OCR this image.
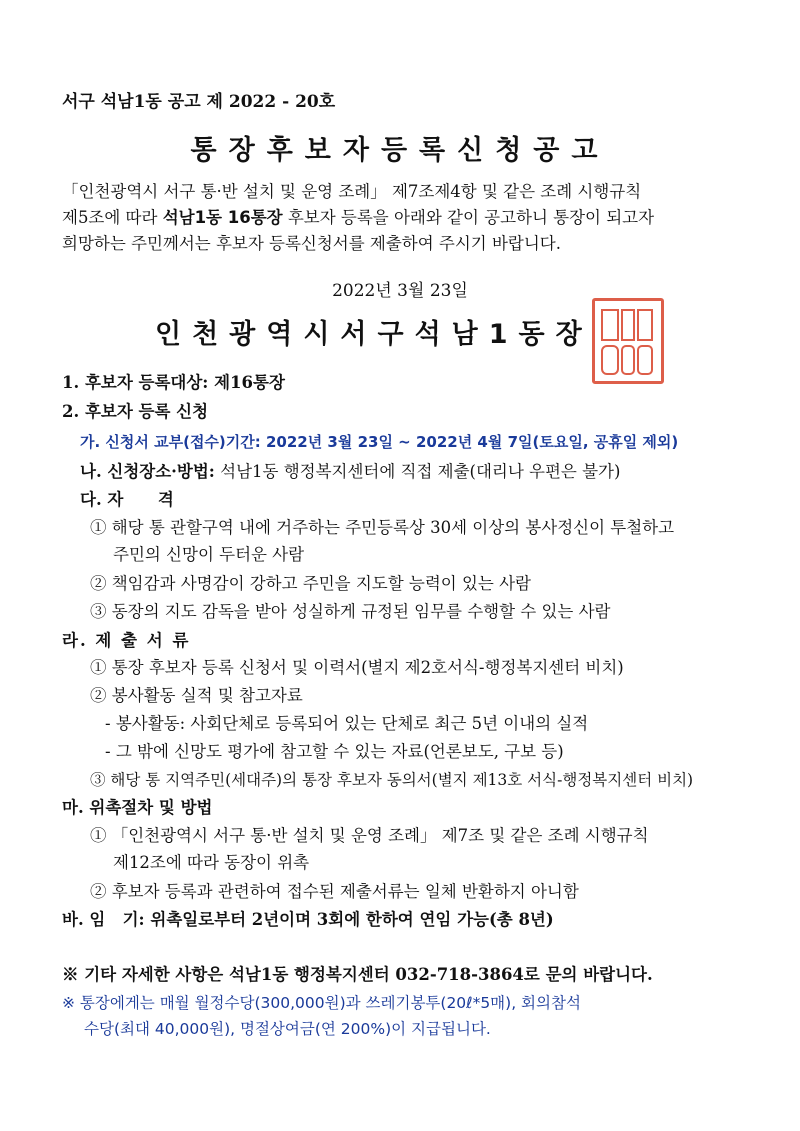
서구 석남1동 공고 제 2022 - 20호
통장후보자등록신청공고
「인천광역시 서구 통·반 설치 및 운영 조례」 제7조제4항 및 같은 조례 시행규칙
제5조에 따라 석남1동 16통장 후보자 등록을 아래와 같이 공고하니 통장이 되고자
희망하는 주민께서는 후보자 등록신청서를 제출하여 주시기 바랍니다.
2022년 3월 23일
인천광역시서구석남1동장
1. 후보자 등록대상: 제16통장
2. 후보자 등록 신청
가. 신청서 교부(접수)기간: 2022년 3월 23일 ~ 2022년 4월 7일(토요일, 공휴일 제외)
나. 신청장소·방법: 석남1동 행정복지센터에 직접 제출(대리나 우편은 불가)
다. 자      격
① 해당 통 관할구역 내에 거주하는 주민등록상 30세 이상의 봉사정신이 투철하고
주민의 신망이 두터운 사람
② 책임감과 사명감이 강하고 주민을 지도할 능력이 있는 사람
③ 동장의 지도 감독을 받아 성실하게 규정된 임무를 수행할 수 있는 사람
라. 제 출 서 류
① 통장 후보자 등록 신청서 및 이력서(별지 제2호서식-행정복지센터 비치)
② 봉사활동 실적 및 참고자료
- 봉사활동: 사회단체로 등록되어 있는 단체로 최근 5년 이내의 실적
- 그 밖에 신망도 평가에 참고할 수 있는 자료(언론보도, 구보 등)
③ 해당 통 지역주민(세대주)의 통장 후보자 동의서(별지 제13호 서식-행정복지센터 비치)
마. 위촉절차 및 방법
① 「인천광역시 서구 통·반 설치 및 운영 조례」 제7조 및 같은 조례 시행규칙
제12조에 따라 동장이 위촉
② 후보자 등록과 관련하여 접수된 제출서류는 일체 반환하지 아니함
바. 임   기: 위촉일로부터 2년이며 3회에 한하여 연임 가능(총 8년)
※ 기타 자세한 사항은 석남1동 행정복지센터 032-718-3864로 문의 바랍니다.
※ 통장에게는 매월 월정수당(300,000원)과 쓰레기봉투(20ℓ*5매), 회의참석
수당(최대 40,000원), 명절상여금(연 200%)이 지급됩니다.
